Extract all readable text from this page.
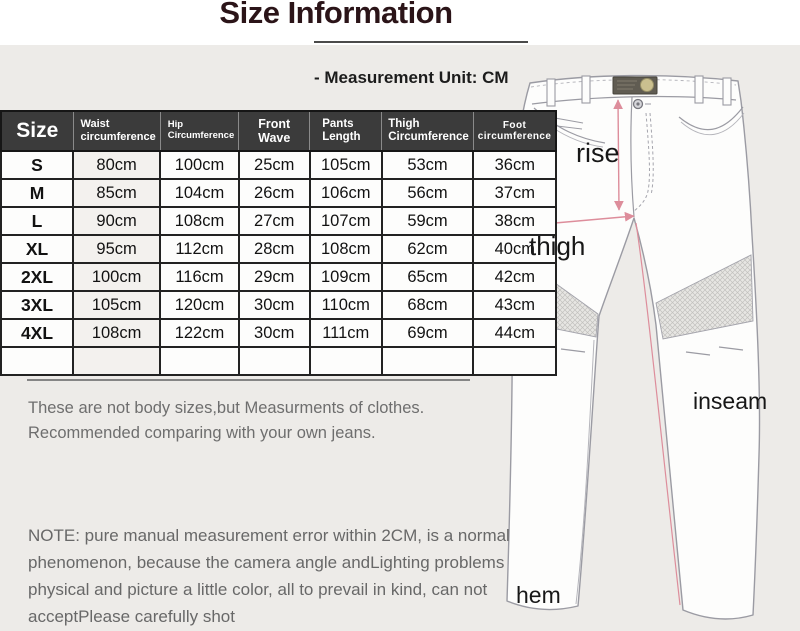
Size Information
- Measurement Unit: CM
Size	Waist circumference	Hip Circumference	Front Wave	Pants Length	Thigh Circumference	Foot circumference
S	80cm	100cm	25cm	105cm	53cm	36cm
M	85cm	104cm	26cm	106cm	56cm	37cm
L	90cm	108cm	27cm	107cm	59cm	38cm
XL	95cm	112cm	28cm	108cm	62cm	40cm
2XL	100cm	116cm	29cm	109cm	65cm	42cm
3XL	105cm	120cm	30cm	110cm	68cm	43cm
4XL	108cm	122cm	30cm	111cm	69cm	44cm

These are not body sizes,but Measurments of clothes.
Recommended comparing with your own jeans.
NOTE: pure manual measurement error within 2CM, is a normal
phenomenon, because the camera angle andLighting problems
physical and picture a little color, all to prevail in kind, can not
acceptPlease carefully shot
rise
thigh
inseam
hem
